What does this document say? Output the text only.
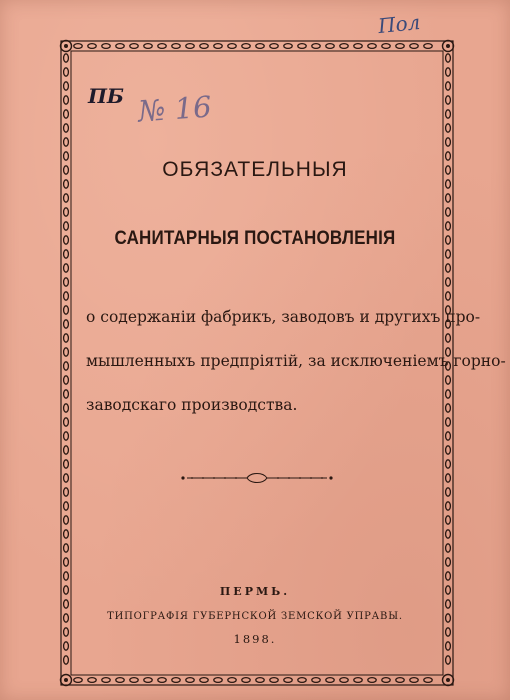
Пол
ПБ № 16
ОБЯЗАТЕЛЬНЫЯ
САНИТАРНЫЯ ПОСТАНОВЛЕНІЯ
о содержаніи фабрикъ, заводовъ и другихъ про-
мышленныхъ предпріятій, за исключеніемъ горно-
заводскаго производства.
ПЕРМЬ.
ТИПОГРАФІЯ ГУБЕРНСКОЙ ЗЕМСКОЙ УПРАВЫ.
1898.
